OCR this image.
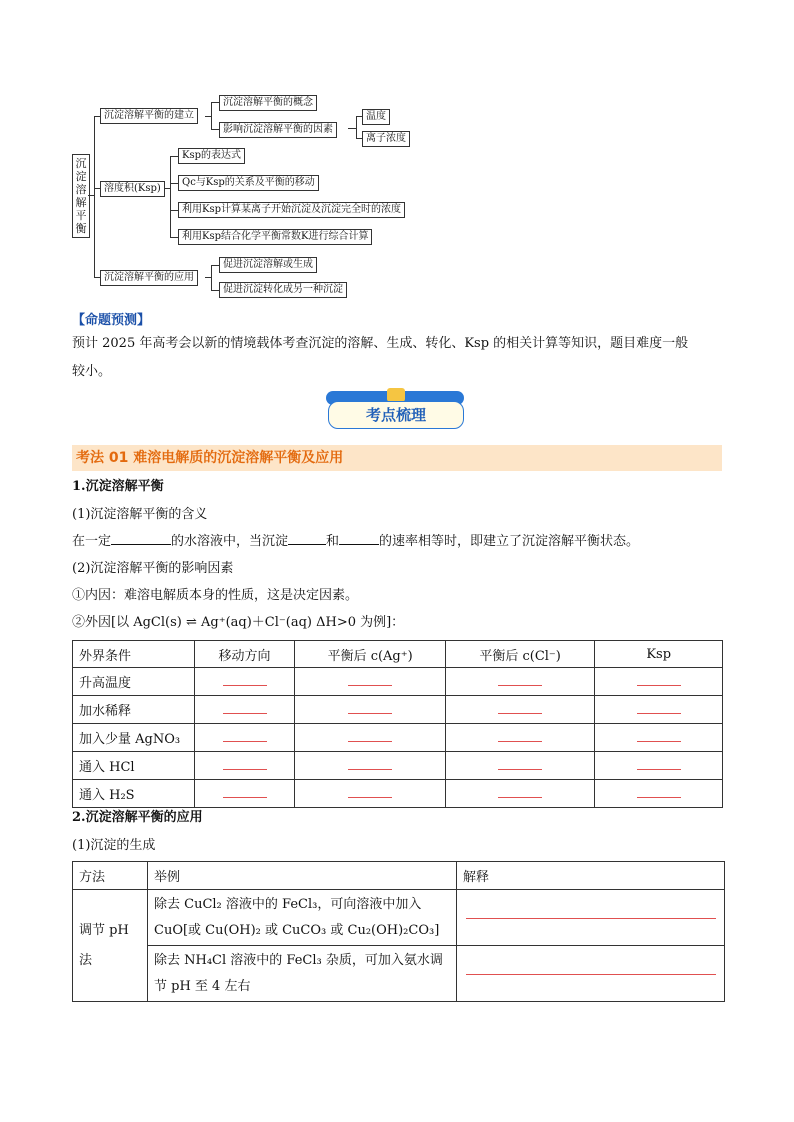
沉淀溶解平衡
沉淀溶解平衡的建立
沉淀溶解平衡的概念
影响沉淀溶解平衡的因素
温度
离子浓度
溶度积(Ksp)
Ksp的表达式
Qc与Ksp的关系及平衡的移动
利用Ksp计算某离子开始沉淀及沉淀完全时的浓度
利用Ksp结合化学平衡常数K进行综合计算
沉淀溶解平衡的应用
促进沉淀溶解或生成
促进沉淀转化成另一种沉淀
【命题预测】
预计 2025 年高考会以新的情境载体考查沉淀的溶解、生成、转化、Ksp 的相关计算等知识，题目难度一般
较小。
考点梳理
考法 01 难溶电解质的沉淀溶解平衡及应用
1.沉淀溶解平衡
(1)沉淀溶解平衡的含义
在一定	的水溶液中，当沉淀	和	的速率相等时，即建立了沉淀溶解平衡状态。
(2)沉淀溶解平衡的影响因素
①内因：难溶电解质本身的性质，这是决定因素。
②外因[以 AgCl(s) ⇌ Ag⁺(aq)＋Cl⁻(aq) ΔH>0 为例]：
外界条件	移动方向	平衡后 c(Ag⁺)	平衡后 c(Cl⁻)	Ksp
升高温度				
加水稀释				
加入少量 AgNO₃				
通入 HCl				
通入 H₂S				
2.沉淀溶解平衡的应用
(1)沉淀的生成
方法	举例	解释
调节 pH 法	除去 CuCl₂ 溶液中的 FeCl₃，可向溶液中加入 CuO[或 Cu(OH)₂ 或 CuCO₃ 或 Cu₂(OH)₂CO₃]	

	除去 NH₄Cl 溶液中的 FeCl₃ 杂质，可加入氨水调节 pH 至 4 左右	
